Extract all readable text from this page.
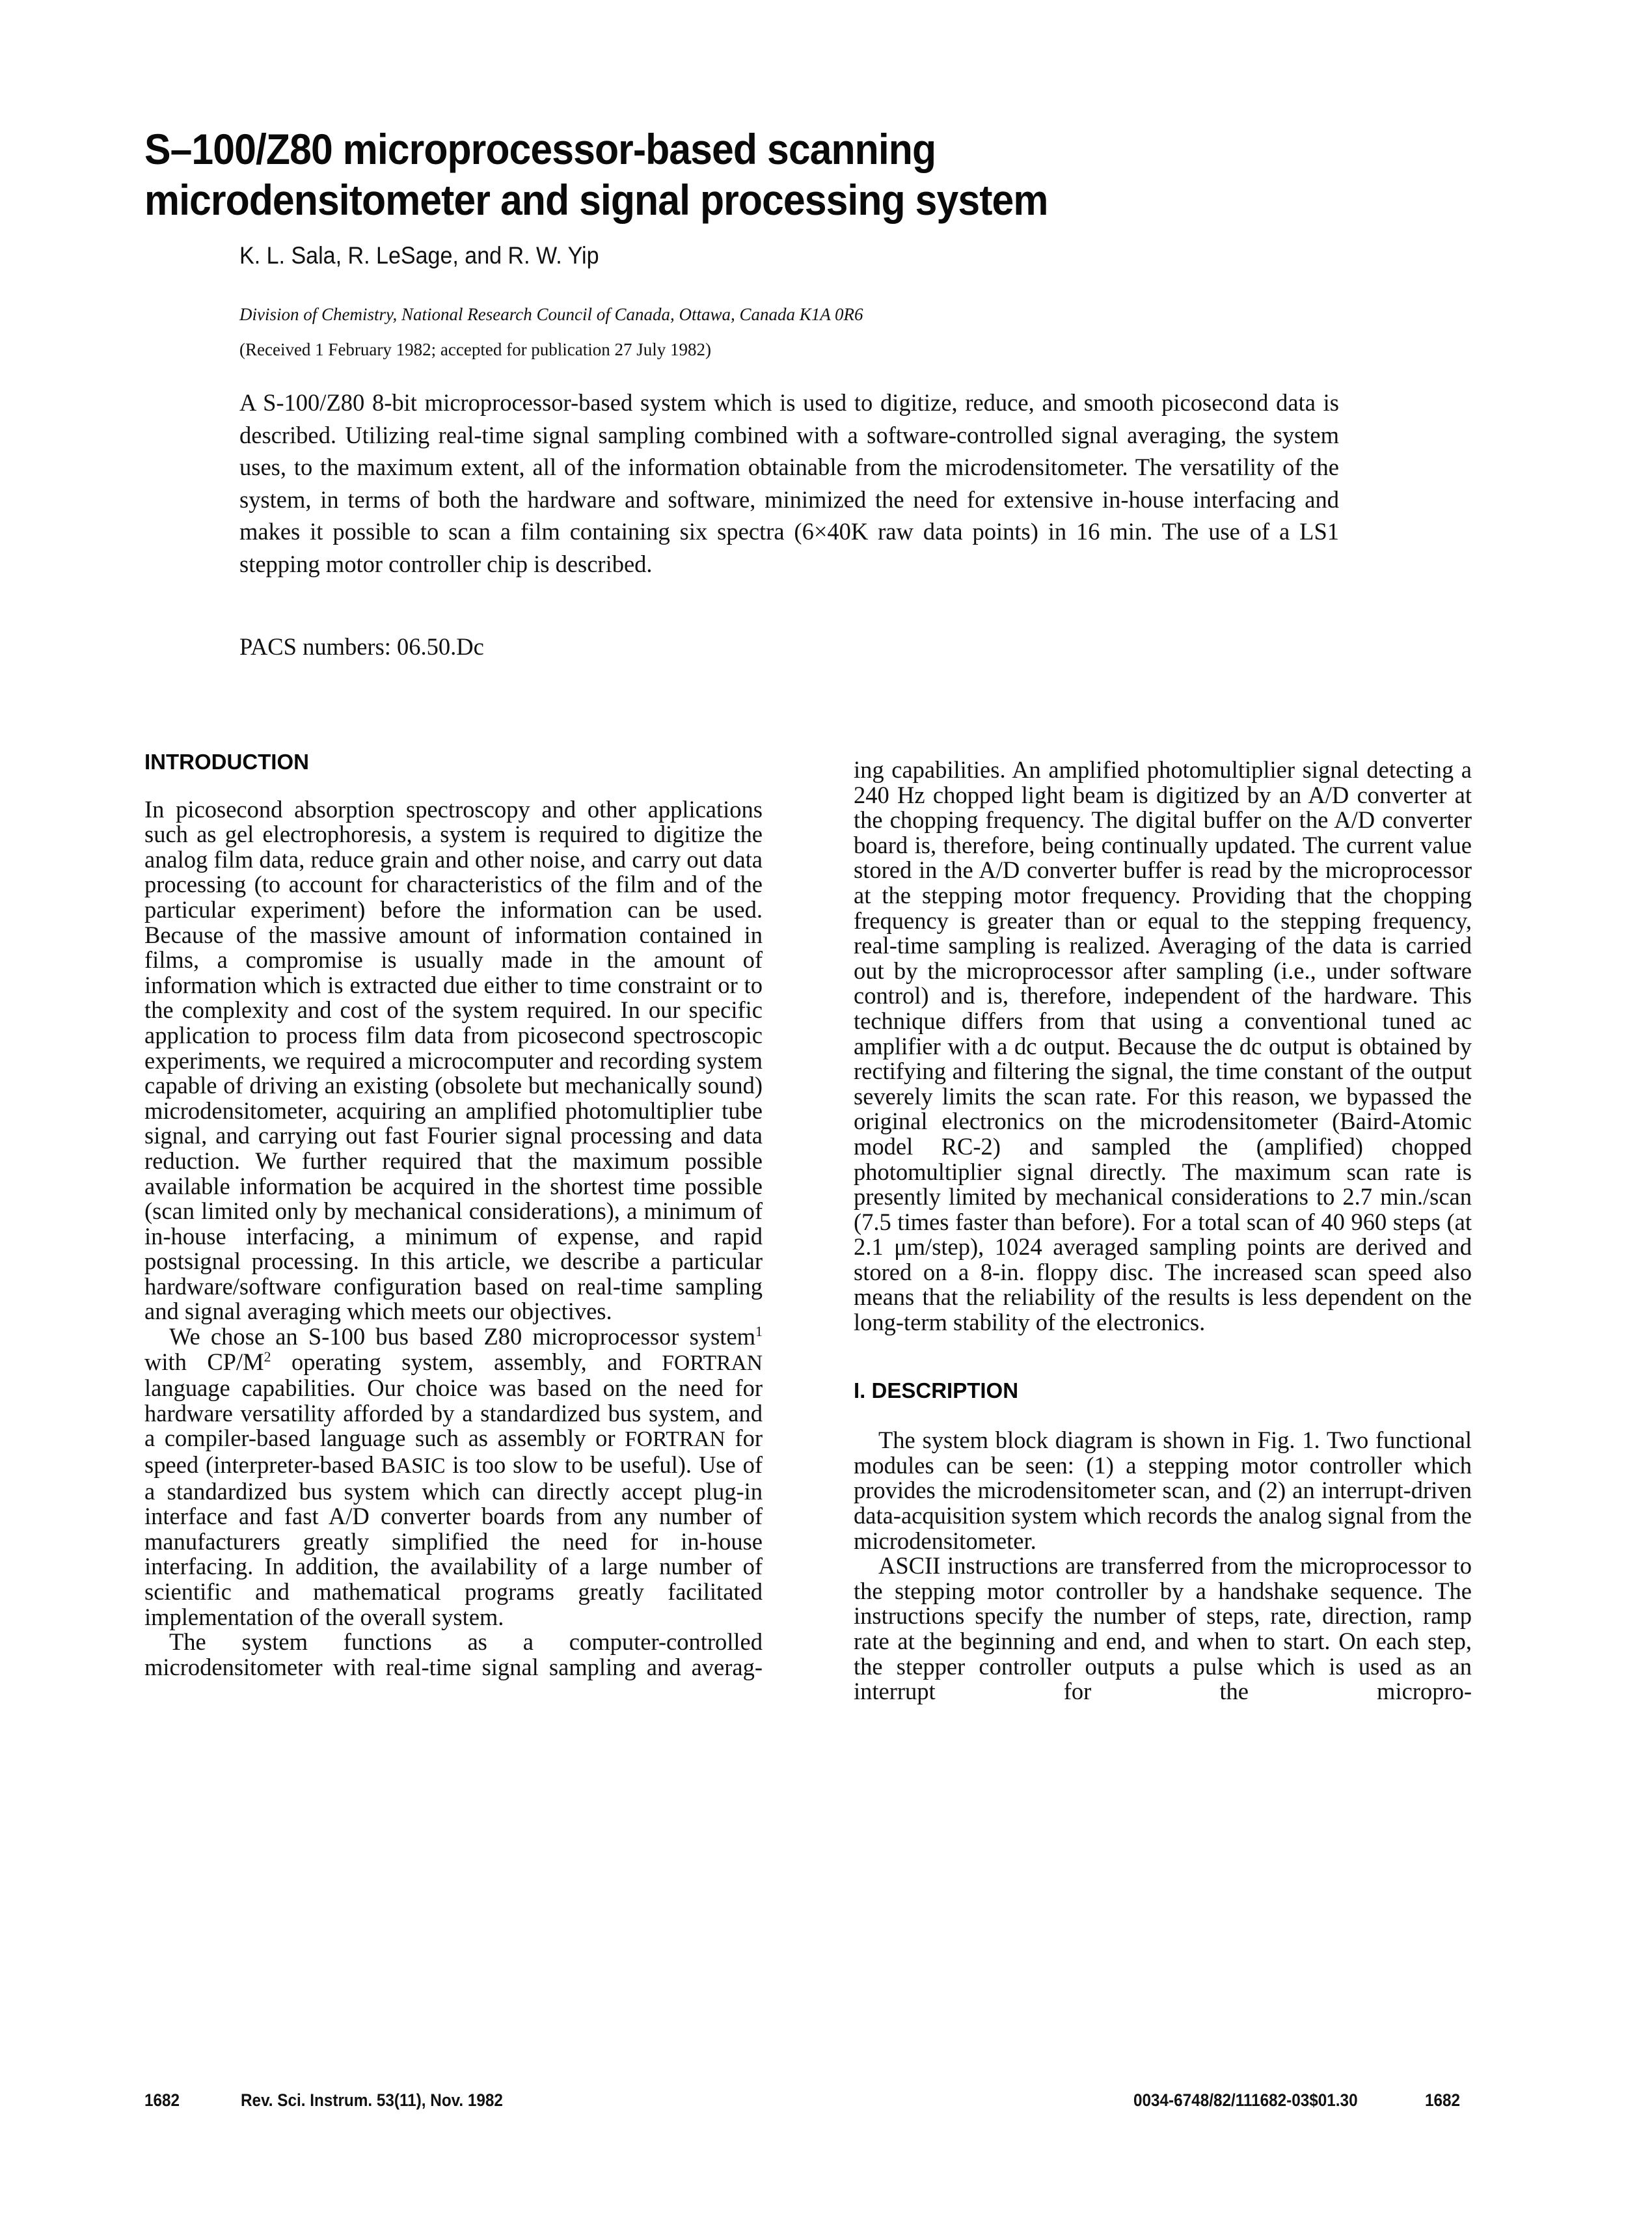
S–100/Z80 microprocessor-based scanning
microdensitometer and signal processing system
K. L. Sala, R. LeSage, and R. W. Yip
Division of Chemistry, National Research Council of Canada, Ottawa, Canada K1A 0R6
(Received 1 February 1982; accepted for publication 27 July 1982)
A S-100/Z80 8-bit microprocessor-based system which is used to digitize, reduce, and smooth picosecond data is described. Utilizing real-time signal sampling combined with a software-controlled signal averaging, the system uses, to the maximum extent, all of the information obtainable from the microdensitometer. The versatility of the system, in terms of both the hardware and software, minimized the need for extensive in-house interfacing and makes it possible to scan a film containing six spectra (6×40K raw data points) in 16 min. The use of a LS1 stepping motor controller chip is described.
PACS numbers: 06.50.Dc

INTRODUCTION

In picosecond absorption spectroscopy and other applications such as gel electrophoresis, a system is required to digitize the analog film data, reduce grain and other noise, and carry out data processing (to account for characteristics of the film and of the particular experiment) before the information can be used. Because of the massive amount of information contained in films, a compromise is usually made in the amount of information which is extracted due either to time constraint or to the complexity and cost of the system required. In our specific application to process film data from picosecond spectroscopic experiments, we required a microcomputer and recording system capable of driving an existing (obsolete but mechanically sound) microdensitometer, acquiring an amplified photomultiplier tube signal, and carrying out fast Fourier signal processing and data reduction. We further required that the maximum possible available information be acquired in the shortest time possible (scan limited only by mechanical considerations), a minimum of in-house interfacing, a minimum of expense, and rapid postsignal processing. In this article, we describe a particular hardware/software configuration based on real-time sampling and signal averaging which meets our objectives.

We chose an S-100 bus based Z80 microprocessor system$^1$ with $CP/M^2$ operating system, assembly, and FORTRAN language capabilities. Our choice was based on the need for hardware versatility afforded by a standardized bus system, and a compiler-based language such as assembly or FORTRAN for speed (interpreter-based BASIC is too slow to be useful). Use of a standardized bus system which can directly accept plug-in interface and fast A/D converter boards from any number of manufacturers greatly simplified the need for in-house interfacing. In addition, the availability of a large number of scientific and mathematical programs greatly facilitated implementation of the overall system.

The system functions as a computer-controlled microdensitometer with real-time signal sampling and averag-

ing capabilities. An amplified photomultiplier signal detecting a 240 Hz chopped light beam is digitized by an A/D converter at the chopping frequency. The digital buffer on the A/D converter board is, therefore, being continually updated. The current value stored in the A/D converter buffer is read by the microprocessor at the stepping motor frequency. Providing that the chopping frequency is greater than or equal to the stepping frequency, real-time sampling is realized. Averaging of the data is carried out by the microprocessor after sampling (i.e., under software control) and is, therefore, independent of the hardware. This technique differs from that using a conventional tuned ac amplifier with a dc output. Because the dc output is obtained by rectifying and filtering the signal, the time constant of the output severely limits the scan rate. For this reason, we bypassed the original electronics on the microdensitometer (Baird-Atomic model RC-2) and sampled the (amplified) chopped photomultiplier signal directly. The maximum scan rate is presently limited by mechanical considerations to 2.7 min./scan (7.5 times faster than before). For a total scan of 40 960 steps (at 2.1 μm/step), 1024 averaged sampling points are derived and stored on a 8-in. floppy disc. The increased scan speed also means that the reliability of the results is less dependent on the long-term stability of the electronics.

I. DESCRIPTION

The system block diagram is shown in Fig. 1. Two functional modules can be seen: (1) a stepping motor controller which provides the microdensitometer scan, and (2) an interrupt-driven data-acquisition system which records the analog signal from the microdensitometer.

ASCII instructions are transferred from the microprocessor to the stepping motor controller by a handshake sequence. The instructions specify the number of steps, rate, direction, ramp rate at the beginning and end, and when to start. On each step, the stepper controller outputs a pulse which is used as an interrupt for the micropro-

1682	Rev. Sci. Instrum. 53(11), Nov. 1982	0034-6748/82/111682-03$01.30	1682
